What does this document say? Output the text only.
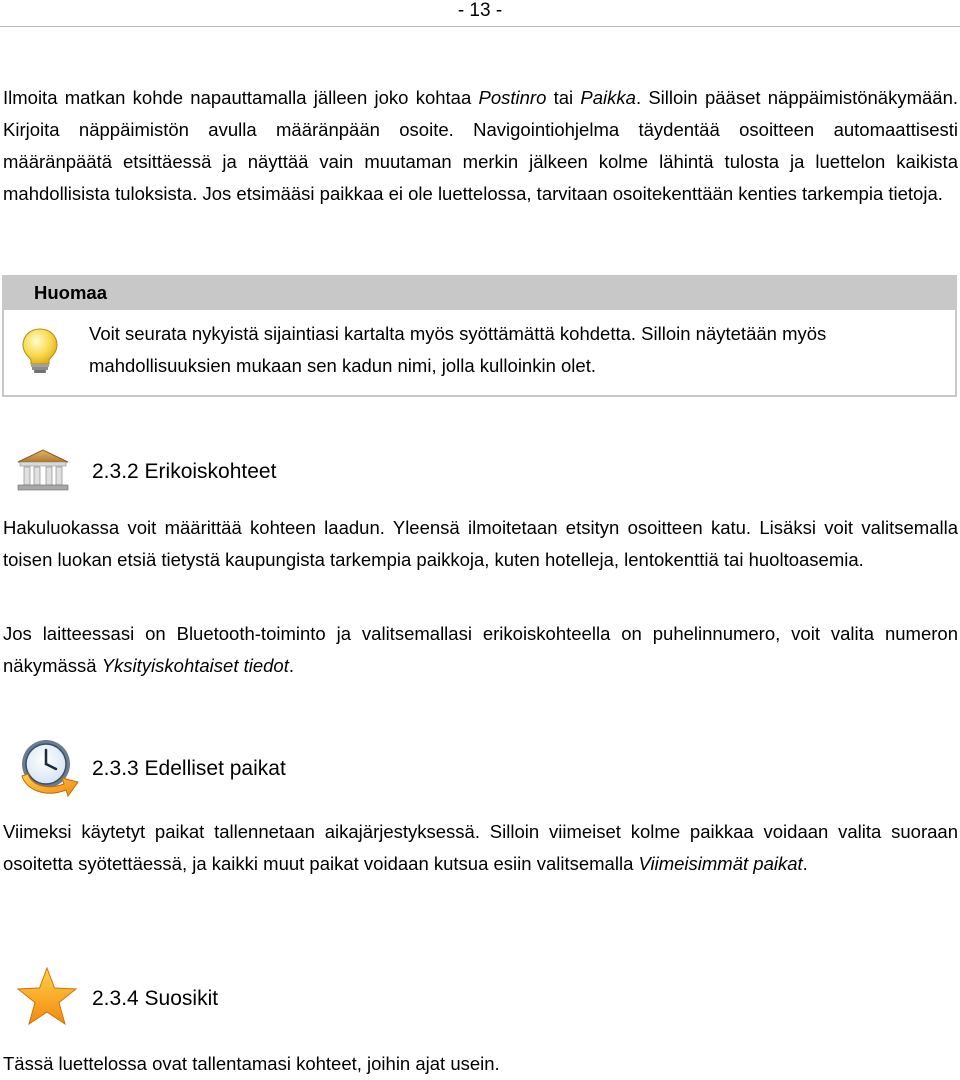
- 13 -

Ilmoita matkan kohde napauttamalla jälleen joko kohtaa Postinro tai Paikka. Silloin pääset näppäimistönäkymään. Kirjoita näppäimistön avulla määränpään osoite. Navigointiohjelma täydentää osoitteen automaattisesti määränpäätä etsittäessä ja näyttää vain muutaman merkin jälkeen kolme lähintä tulosta ja luettelon kaikista mahdollisista tuloksista. Jos etsimääsi paikkaa ei ole luettelossa, tarvitaan osoitekenttään kenties tarkempia tietoja.

Huomaa
Voit seurata nykyistä sijaintiasi kartalta myös syöttämättä kohdetta. Silloin näytetään myös mahdollisuuksien mukaan sen kadun nimi, jolla kulloinkin olet.
2.3.2 Erikoiskohteet

Hakuluokassa voit määrittää kohteen laadun. Yleensä ilmoitetaan etsityn osoitteen katu. Lisäksi voit valitsemalla toisen luokan etsiä tietystä kaupungista tarkempia paikkoja, kuten hotelleja, lentokenttiä tai huoltoasemia.

Jos laitteessasi on Bluetooth-toiminto ja valitsemallasi erikoiskohteella on puhelinnumero, voit valita numeron näkymässä Yksityiskohtaiset tiedot.

2.3.3 Edelliset paikat

Viimeksi käytetyt paikat tallennetaan aikajärjestyksessä. Silloin viimeiset kolme paikkaa voidaan valita suoraan osoitetta syötettäessä, ja kaikki muut paikat voidaan kutsua esiin valitsemalla Viimeisimmät paikat.

2.3.4 Suosikit

Tässä luettelossa ovat tallentamasi kohteet, joihin ajat usein.
